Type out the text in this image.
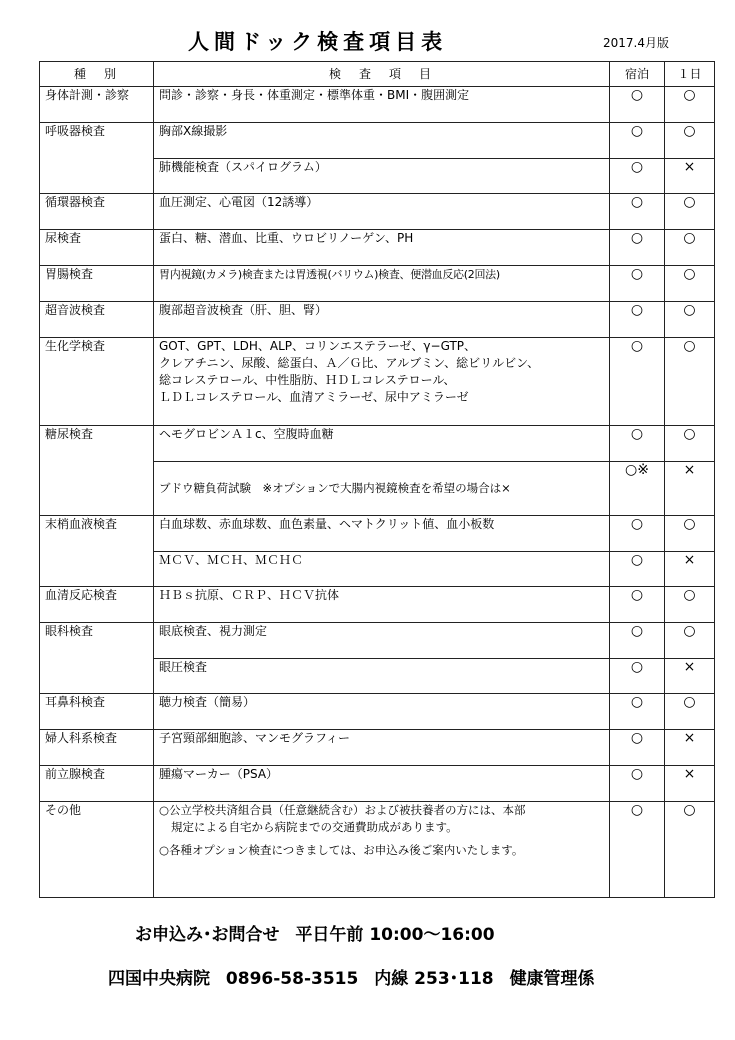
人間ドック検査項目表	2017.4月版
種　別	検　査　項　目	宿泊	１日
身体計測・診察	問診・診察・身長・体重測定・標準体重・BMI・腹囲測定	○	○
呼吸器検査	胸部X線撮影	○	○
	肺機能検査（スパイログラム）	○	×
循環器検査	血圧測定、心電図（12誘導）	○	○
尿検査	蛋白、糖、潜血、比重、ウロビリノーゲン、PH	○	○
胃腸検査	胃内視鏡(カメラ)検査または胃透視(バリウム)検査、便潜血反応(2回法)	○	○
超音波検査	腹部超音波検査（肝、胆、腎）	○	○
生化学検査	GOT、GPT、LDH、ALP、コリンエステラーゼ、γ−GTP、
クレアチニン、尿酸、総蛋白、Ａ／Ｇ比、アルブミン、総ビリルビン、
総コレステロール、中性脂肪、ＨＤＬコレステロール、
ＬＤＬコレステロール、血清アミラーゼ、尿中アミラーゼ	○	○
糖尿検査	ヘモグロビンＡ１c、空腹時血糖	○	○
	ブドウ糖負荷試験　※オプションで大腸内視鏡検査を希望の場合は×	○※	×
末梢血液検査	白血球数、赤血球数、血色素量、ヘマトクリット値、血小板数	○	○
	ＭＣＶ、ＭＣＨ、ＭＣＨＣ	○	×
血清反応検査	ＨＢｓ抗原、ＣＲＰ、ＨＣＶ抗体	○	○
眼科検査	眼底検査、視力測定	○	○
	眼圧検査	○	×
耳鼻科検査	聴力検査（簡易）	○	○
婦人科系検査	子宮頸部細胞診、マンモグラフィー	○	×
前立腺検査	腫瘍マーカー（PSA）	○	×
その他	○公立学校共済組合員（任意継続含む）および被扶養者の方には、本部
規定による自宅から病院までの交通費助成があります。
○各種オプション検査につきましては、お申込み後ご案内いたします。	○	○
お申込み･お問合せ 平日午前 10:00〜16:00
四国中央病院 0896-58-3515 内線 253･118 健康管理係
